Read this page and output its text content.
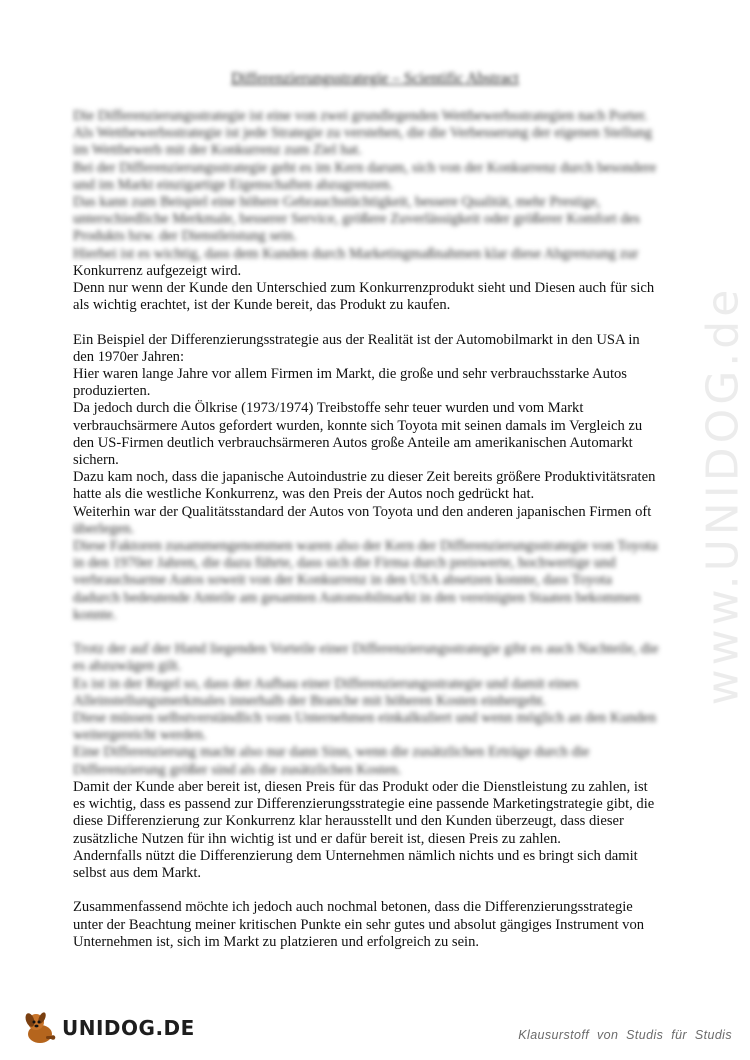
Differenzierungsstrategie – Scientific Abstract
Die Differenzierungsstrategie ist eine von zwei grundlegenden Wettbewerbsstrategien nach Porter.
Als Wettbewerbsstrategie ist jede Strategie zu verstehen, die die Verbesserung der eigenen Stellung
im Wettbewerb mit der Konkurrenz zum Ziel hat.
Bei der Differenzierungsstrategie geht es im Kern darum, sich von der Konkurrenz durch besondere
und im Markt einzigartige Eigenschaften abzugrenzen.
Das kann zum Beispiel eine höhere Gebrauchstüchtigkeit, bessere Qualität, mehr Prestige,
unterschiedliche Merkmale, besserer Service, größere Zuverlässigkeit oder größerer Komfort des
Produkts bzw. der Dienstleistung sein.
Hierbei ist es wichtig, dass dem Kunden durch Marketingmaßnahmen klar diese Abgrenzung zur
Konkurrenz aufgezeigt wird.
Denn nur wenn der Kunde den Unterschied zum Konkurrenzprodukt sieht und Diesen auch für sich
als wichtig erachtet, ist der Kunde bereit, das Produkt zu kaufen.
Ein Beispiel der Differenzierungsstrategie aus der Realität ist der Automobilmarkt in den USA in
den 1970er Jahren:
Hier waren lange Jahre vor allem Firmen im Markt, die große und sehr verbrauchsstarke Autos
produzierten.
Da jedoch durch die Ölkrise (1973/1974) Treibstoffe sehr teuer wurden und vom Markt
verbrauchsärmere Autos gefordert wurden, konnte sich Toyota mit seinen damals im Vergleich zu
den US-Firmen deutlich verbrauchsärmeren Autos große Anteile am amerikanischen Automarkt
sichern.
Dazu kam noch, dass die japanische Autoindustrie zu dieser Zeit bereits größere Produktivitätsraten
hatte als die westliche Konkurrenz, was den Preis der Autos noch gedrückt hat.
Weiterhin war der Qualitätsstandard der Autos von Toyota und den anderen japanischen Firmen oft
überlegen.
Diese Faktoren zusammengenommen waren also der Kern der Differenzierungsstrategie von Toyota
in den 1970er Jahren, die dazu führte, dass sich die Firma durch preiswerte, hochwertige und
verbrauchsarme Autos soweit von der Konkurrenz in den USA absetzen konnte, dass Toyota
dadurch bedeutende Anteile am gesamten Automobilmarkt in den vereinigten Staaten bekommen
konnte.
Trotz der auf der Hand liegenden Vorteile einer Differenzierungsstrategie gibt es auch Nachteile, die
es abzuwägen gilt.
Es ist in der Regel so, dass der Aufbau einer Differenzierungsstrategie und damit eines
Alleinstellungsmerkmales innerhalb der Branche mit höheren Kosten einhergeht.
Diese müssen selbstverständlich vom Unternehmen einkalkuliert und wenn möglich an den Kunden
weitergereicht werden.
Eine Differenzierung macht also nur dann Sinn, wenn die zusätzlichen Erträge durch die
Differenzierung größer sind als die zusätzlichen Kosten.
Damit der Kunde aber bereit ist, diesen Preis für das Produkt oder die Dienstleistung zu zahlen, ist
es wichtig, dass es passend zur Differenzierungsstrategie eine passende Marketingstrategie gibt, die
diese Differenzierung zur Konkurrenz klar herausstellt und den Kunden überzeugt, dass dieser
zusätzliche Nutzen für ihn wichtig ist und er dafür bereit ist, diesen Preis zu zahlen.
Andernfalls nützt die Differenzierung dem Unternehmen nämlich nichts und es bringt sich damit
selbst aus dem Markt.
Zusammenfassend möchte ich jedoch auch nochmal betonen, dass die Differenzierungsstrategie
unter der Beachtung meiner kritischen Punkte ein sehr gutes und absolut gängiges Instrument von
Unternehmen ist, sich im Markt zu platzieren und erfolgreich zu sein.
www.UNIDOG.de
UNIDOG.DE	Klausurstoff von Studis für Studis
